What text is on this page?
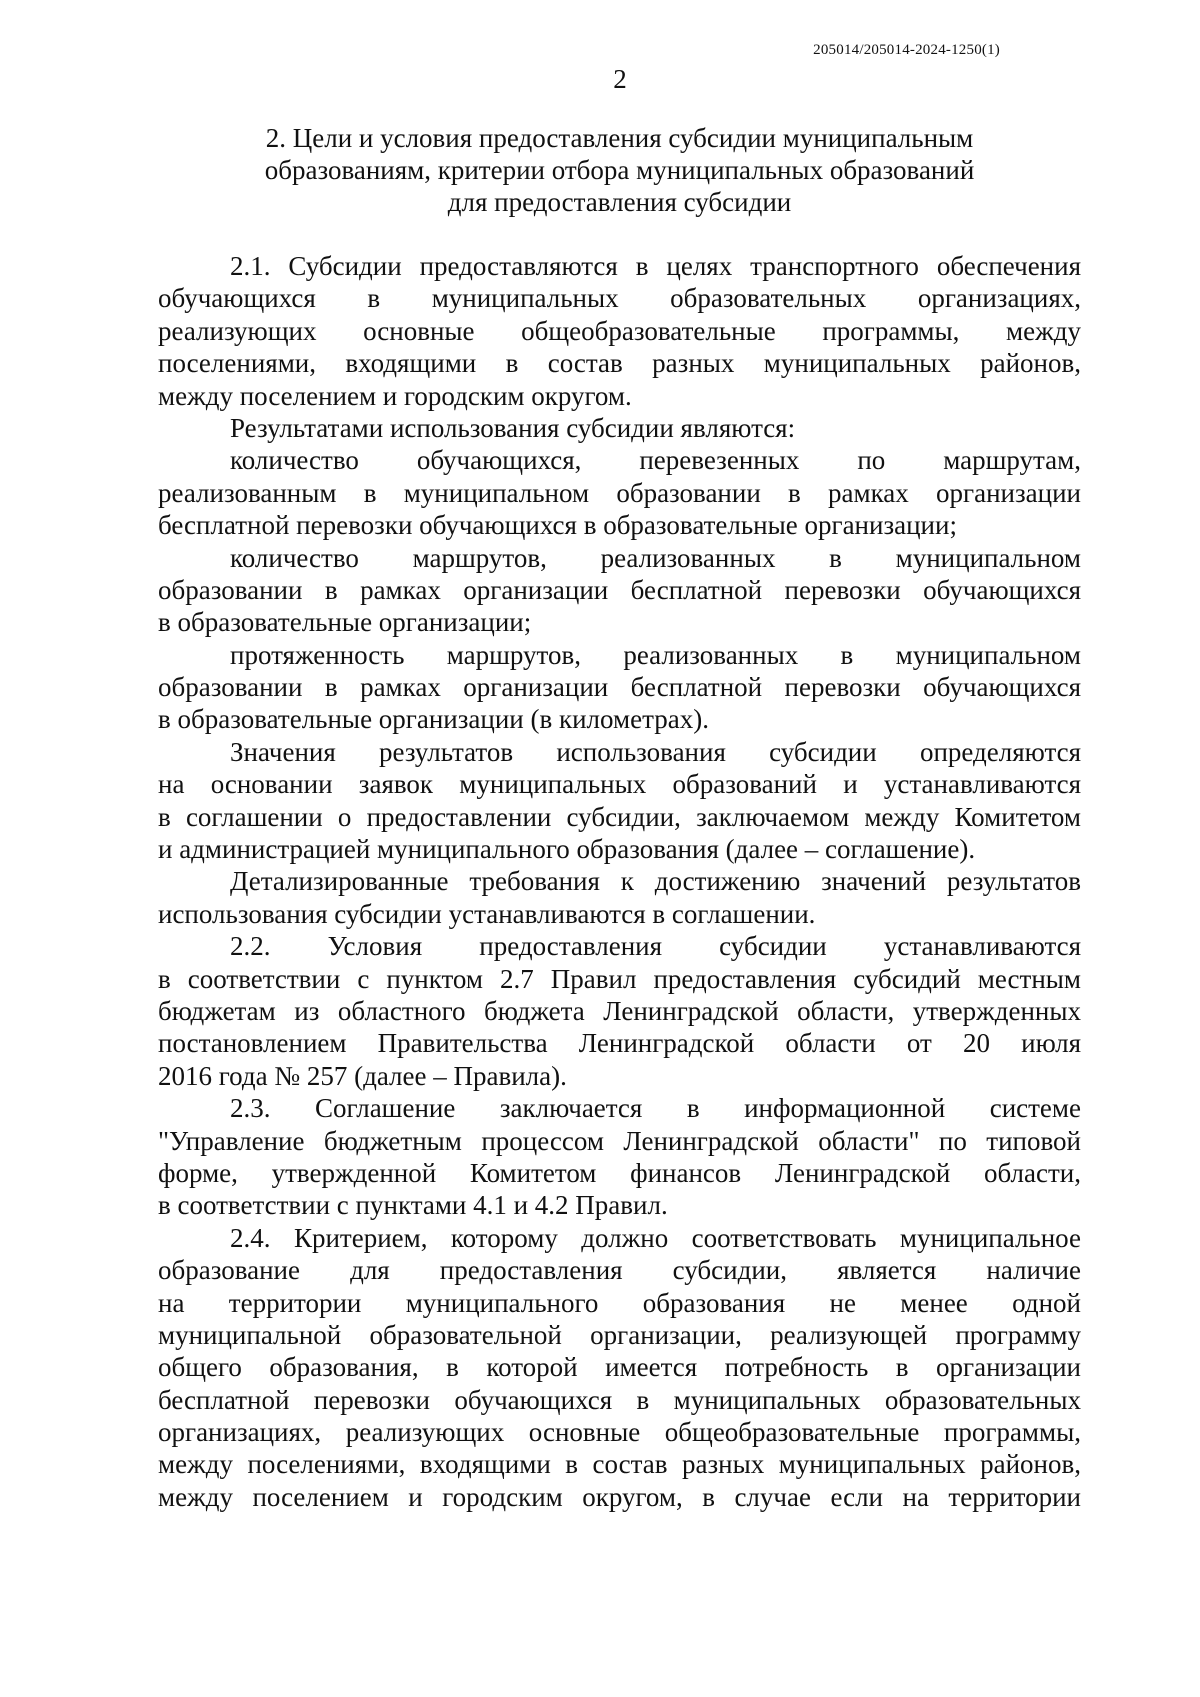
205014/205014-2024-1250(1)
2
2. Цели и условия предоставления субсидии муниципальным
образованиям, критерии отбора муниципальных образований
для предоставления субсидии
2.1. Субсидии предоставляются в целях транспортного обеспечения
обучающихся в муниципальных образовательных организациях,
реализующих основные общеобразовательные программы, между
поселениями, входящими в состав разных муниципальных районов,
между поселением и городским округом.
Результатами использования субсидии являются:
количество обучающихся, перевезенных по маршрутам,
реализованным в муниципальном образовании в рамках организации
бесплатной перевозки обучающихся в образовательные организации;
количество маршрутов, реализованных в муниципальном
образовании в рамках организации бесплатной перевозки обучающихся
в образовательные организации;
протяженность маршрутов, реализованных в муниципальном
образовании в рамках организации бесплатной перевозки обучающихся
в образовательные организации (в километрах).
Значения результатов использования субсидии определяются
на основании заявок муниципальных образований и устанавливаются
в соглашении о предоставлении субсидии, заключаемом между Комитетом
и администрацией муниципального образования (далее – соглашение).
Детализированные требования к достижению значений результатов
использования субсидии устанавливаются в соглашении.
2.2. Условия предоставления субсидии устанавливаются
в соответствии с пунктом 2.7 Правил предоставления субсидий местным
бюджетам из областного бюджета Ленинградской области, утвержденных
постановлением Правительства Ленинградской области от 20 июля
2016 года № 257 (далее – Правила).
2.3. Соглашение заключается в информационной системе
"Управление бюджетным процессом Ленинградской области" по типовой
форме, утвержденной Комитетом финансов Ленинградской области,
в соответствии с пунктами 4.1 и 4.2 Правил.
2.4. Критерием, которому должно соответствовать муниципальное
образование для предоставления субсидии, является наличие
на территории муниципального образования не менее одной
муниципальной образовательной организации, реализующей программу
общего образования, в которой имеется потребность в организации
бесплатной перевозки обучающихся в муниципальных образовательных
организациях, реализующих основные общеобразовательные программы,
между поселениями, входящими в состав разных муниципальных районов,
между поселением и городским округом, в случае если на территории
